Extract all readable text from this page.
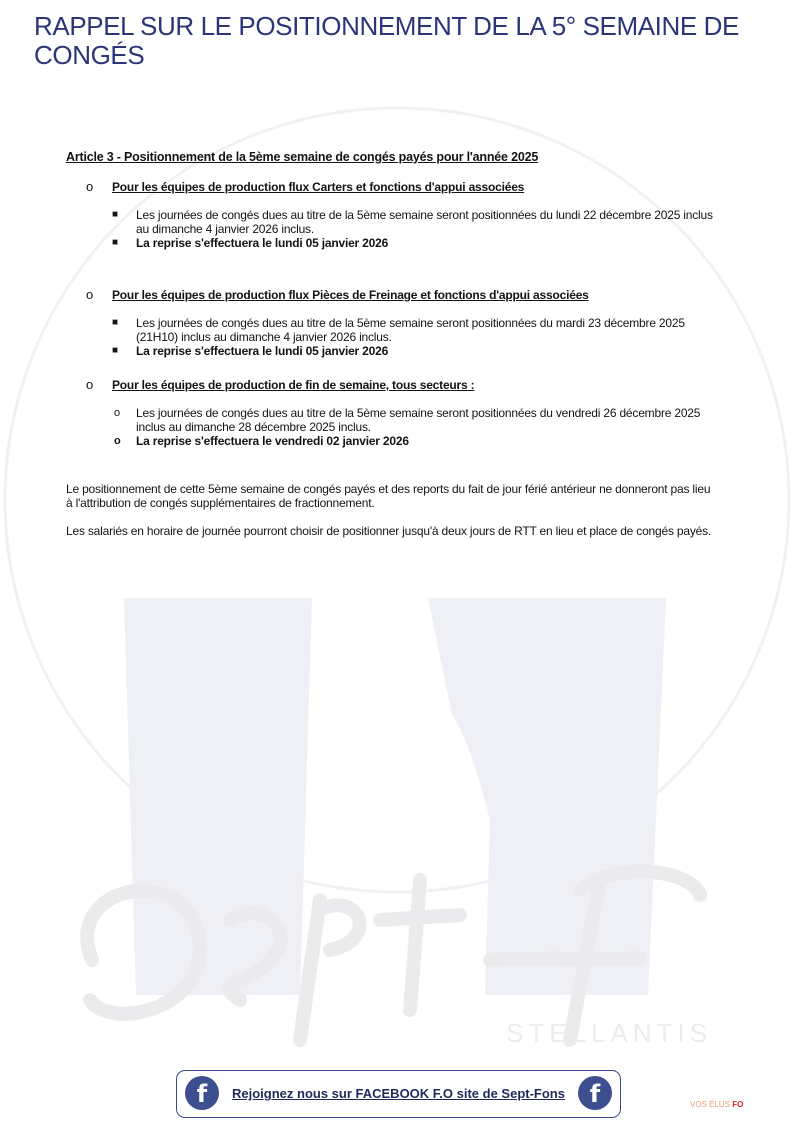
STELLANTIS
RAPPEL SUR LE POSITIONNEMENT DE LA 5° SEMAINE DE CONGÉS

Article 3 - Positionnement de la 5ème semaine de congés payés pour l'année 2025

o Pour les équipes de production flux Carters et fonctions d'appui associées

■ Les journées de congés dues au titre de la 5ème semaine seront positionnées du lundi 22 décembre 2025 inclus au dimanche 4 janvier 2026 inclus.
■ La reprise s'effectuera le lundi 05 janvier 2026

o Pour les équipes de production flux Pièces de Freinage et fonctions d'appui associées

■ Les journées de congés dues au titre de la 5ème semaine seront positionnées du mardi 23 décembre 2025 (21H10) inclus au dimanche 4 janvier 2026 inclus.
■ La reprise s'effectuera le lundi 05 janvier 2026

o Pour les équipes de production de fin de semaine, tous secteurs :

o Les journées de congés dues au titre de la 5ème semaine seront positionnées du vendredi 26 décembre 2025 inclus au dimanche 28 décembre 2025 inclus.
o La reprise s'effectuera le vendredi 02 janvier 2026

Le positionnement de cette 5ème semaine de congés payés et des reports du fait de jour férié antérieur ne donneront pas lieu à l'attribution de congés supplémentaires de fractionnement.

Les salariés en horaire de journée pourront choisir de positionner jusqu'à deux jours de RTT en lieu et place de congés payés.

f	Rejoignez nous sur FACEBOOK F.O site de Sept-Fons	f	VOS ÉLUS FO
